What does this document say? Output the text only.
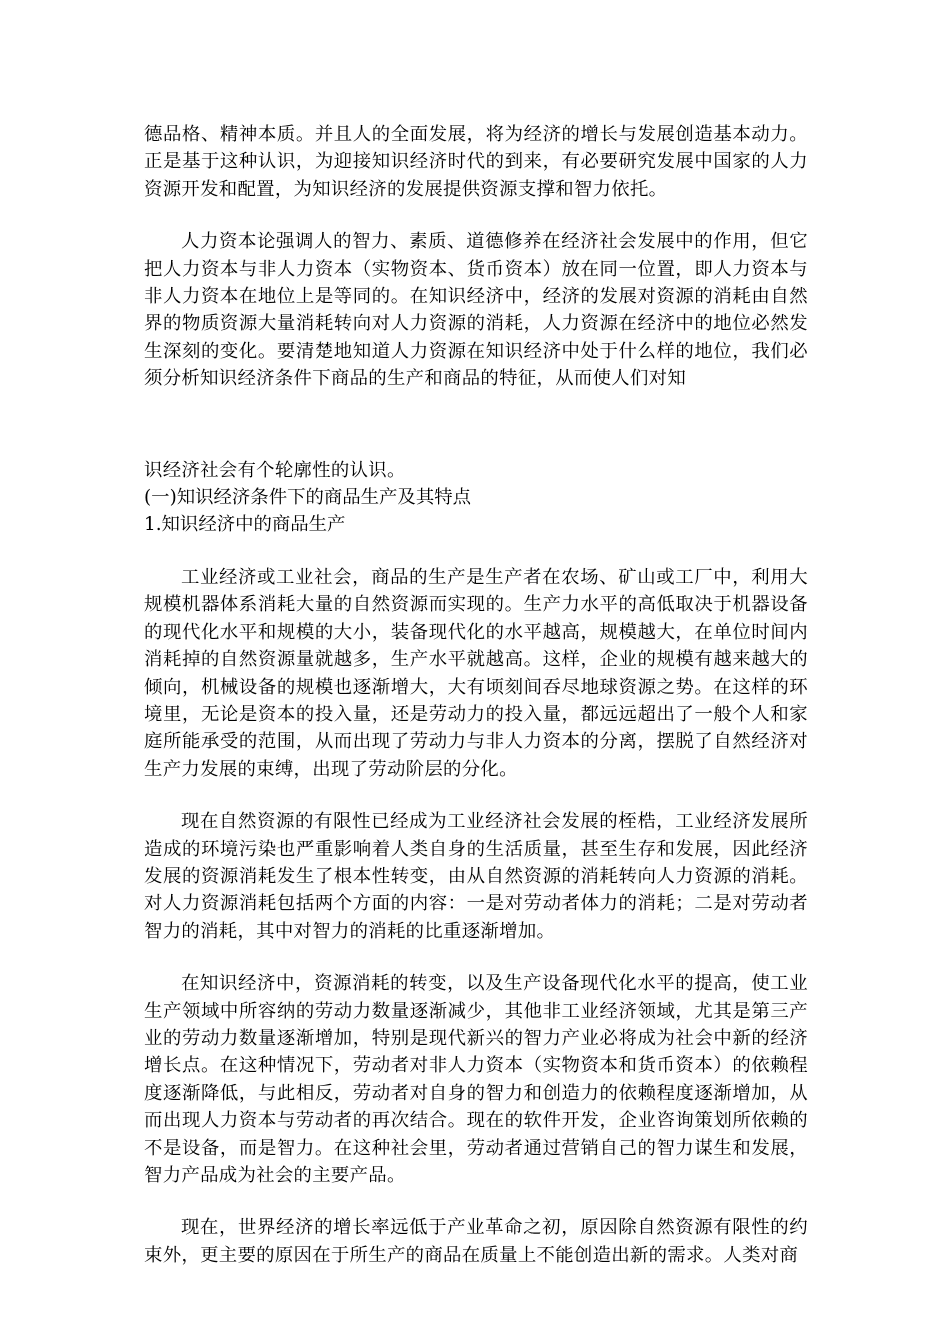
德品格、精神本质。并且人的全面发展，将为经济的增长与发展创造基本动力。正是基于这种认识，为迎接知识经济时代的到来，有必要研究发展中国家的人力资源开发和配置，为知识经济的发展提供资源支撑和智力依托。

人力资本论强调人的智力、素质、道德修养在经济社会发展中的作用，但它把人力资本与非人力资本（实物资本、货币资本）放在同一位置，即人力资本与非人力资本在地位上是等同的。在知识经济中，经济的发展对资源的消耗由自然界的物质资源大量消耗转向对人力资源的消耗，人力资源在经济中的地位必然发生深刻的变化。要清楚地知道人力资源在知识经济中处于什么样的地位，我们必须分析知识经济条件下商品的生产和商品的特征，从而使人们对知

识经济社会有个轮廓性的认识。

(一)知识经济条件下的商品生产及其特点

1.知识经济中的商品生产

工业经济或工业社会，商品的生产是生产者在农场、矿山或工厂中，利用大规模机器体系消耗大量的自然资源而实现的。生产力水平的高低取决于机器设备的现代化水平和规模的大小，装备现代化的水平越高，规模越大，在单位时间内消耗掉的自然资源量就越多，生产水平就越高。这样，企业的规模有越来越大的倾向，机械设备的规模也逐渐增大，大有顷刻间吞尽地球资源之势。在这样的环境里，无论是资本的投入量，还是劳动力的投入量，都远远超出了一般个人和家庭所能承受的范围，从而出现了劳动力与非人力资本的分离，摆脱了自然经济对生产力发展的束缚，出现了劳动阶层的分化。

现在自然资源的有限性已经成为工业经济社会发展的桎梏，工业经济发展所造成的环境污染也严重影响着人类自身的生活质量，甚至生存和发展，因此经济发展的资源消耗发生了根本性转变，由从自然资源的消耗转向人力资源的消耗。对人力资源消耗包括两个方面的内容：一是对劳动者体力的消耗；二是对劳动者智力的消耗，其中对智力的消耗的比重逐渐增加。

在知识经济中，资源消耗的转变，以及生产设备现代化水平的提高，使工业生产领域中所容纳的劳动力数量逐渐减少，其他非工业经济领域，尤其是第三产业的劳动力数量逐渐增加，特别是现代新兴的智力产业必将成为社会中新的经济增长点。在这种情况下，劳动者对非人力资本（实物资本和货币资本）的依赖程度逐渐降低，与此相反，劳动者对自身的智力和创造力的依赖程度逐渐增加，从而出现人力资本与劳动者的再次结合。现在的软件开发，企业咨询策划所依赖的不是设备，而是智力。在这种社会里，劳动者通过营销自己的智力谋生和发展，智力产品成为社会的主要产品。

现在，世界经济的增长率远低于产业革命之初，原因除自然资源有限性的约束外，更主要的原因在于所生产的商品在质量上不能创造出新的需求。人类对商
